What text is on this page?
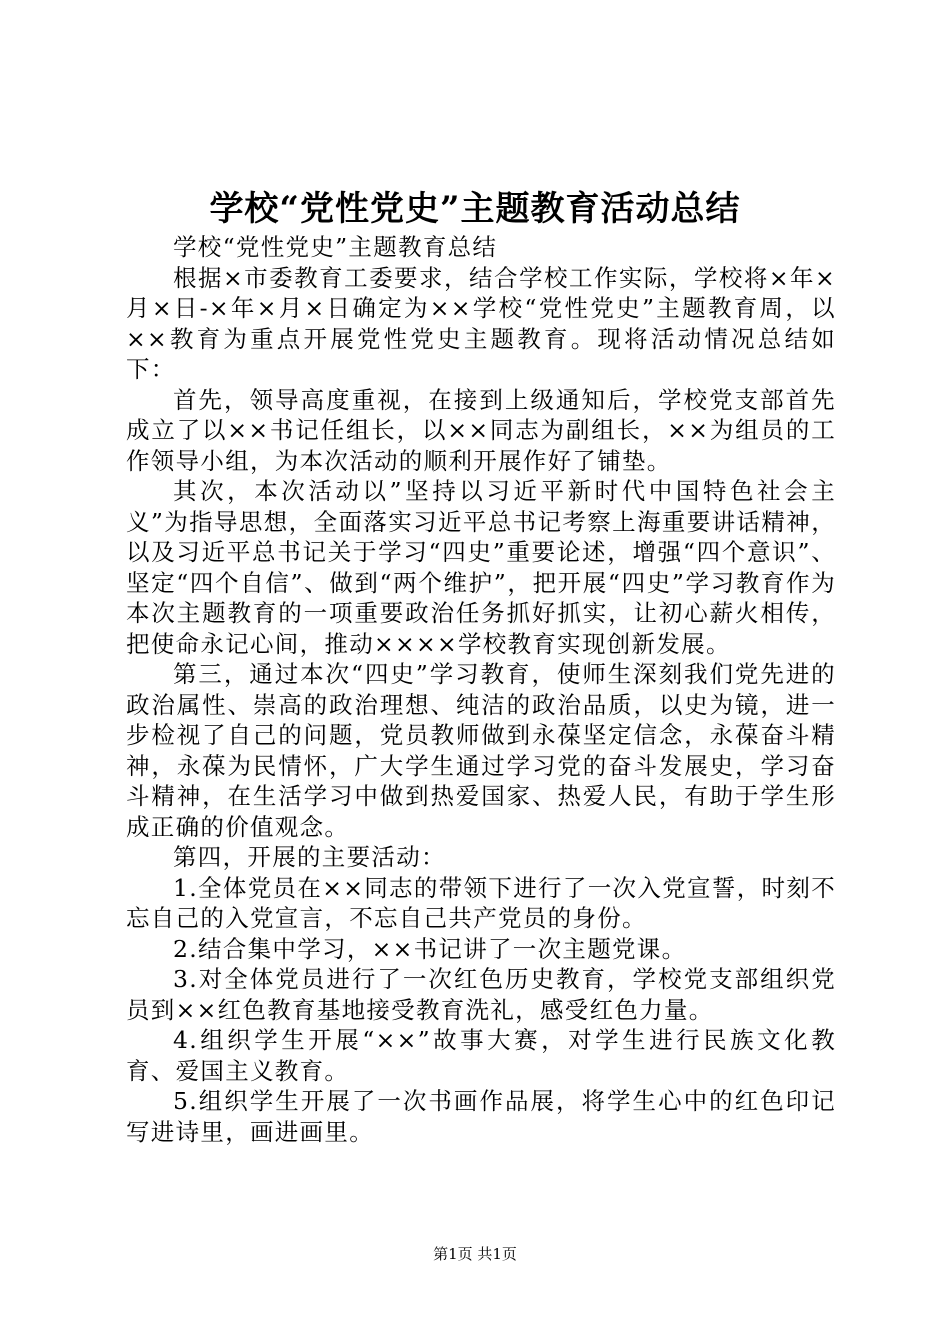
学校“党性党史”主题教育活动总结

学校“党性党史”主题教育总结

根据×市委教育工委要求，结合学校工作实际，学校将×年×月×日-×年×月×日确定为××学校“党性党史”主题教育周，以××教育为重点开展党性党史主题教育。现将活动情况总结如下：

首先，领导高度重视，在接到上级通知后，学校党支部首先成立了以××书记任组长，以××同志为副组长，××为组员的工作领导小组，为本次活动的顺利开展作好了铺垫。

其次，本次活动以”坚持以习近平新时代中国特色社会主义”为指导思想，全面落实习近平总书记考察上海重要讲话精神，以及习近平总书记关于学习“四史”重要论述，增强“四个意识”、坚定“四个自信”、做到“两个维护”，把开展“四史”学习教育作为本次主题教育的一项重要政治任务抓好抓实，让初心薪火相传，把使命永记心间，推动××××学校教育实现创新发展。

第三，通过本次“四史”学习教育，使师生深刻我们党先进的政治属性、崇高的政治理想、纯洁的政治品质，以史为镜，进一步检视了自己的问题，党员教师做到永葆坚定信念，永葆奋斗精神，永葆为民情怀，广大学生通过学习党的奋斗发展史，学习奋斗精神，在生活学习中做到热爱国家、热爱人民，有助于学生形成正确的价值观念。

第四，开展的主要活动：

1.全体党员在××同志的带领下进行了一次入党宣誓，时刻不忘自己的入党宣言，不忘自己共产党员的身份。

2.结合集中学习，××书记讲了一次主题党课。

3.对全体党员进行了一次红色历史教育，学校党支部组织党员到××红色教育基地接受教育洗礼，感受红色力量。

4.组织学生开展“××”故事大赛，对学生进行民族文化教育、爱国主义教育。

5.组织学生开展了一次书画作品展，将学生心中的红色印记写进诗里，画进画里。

第1页 共1页
